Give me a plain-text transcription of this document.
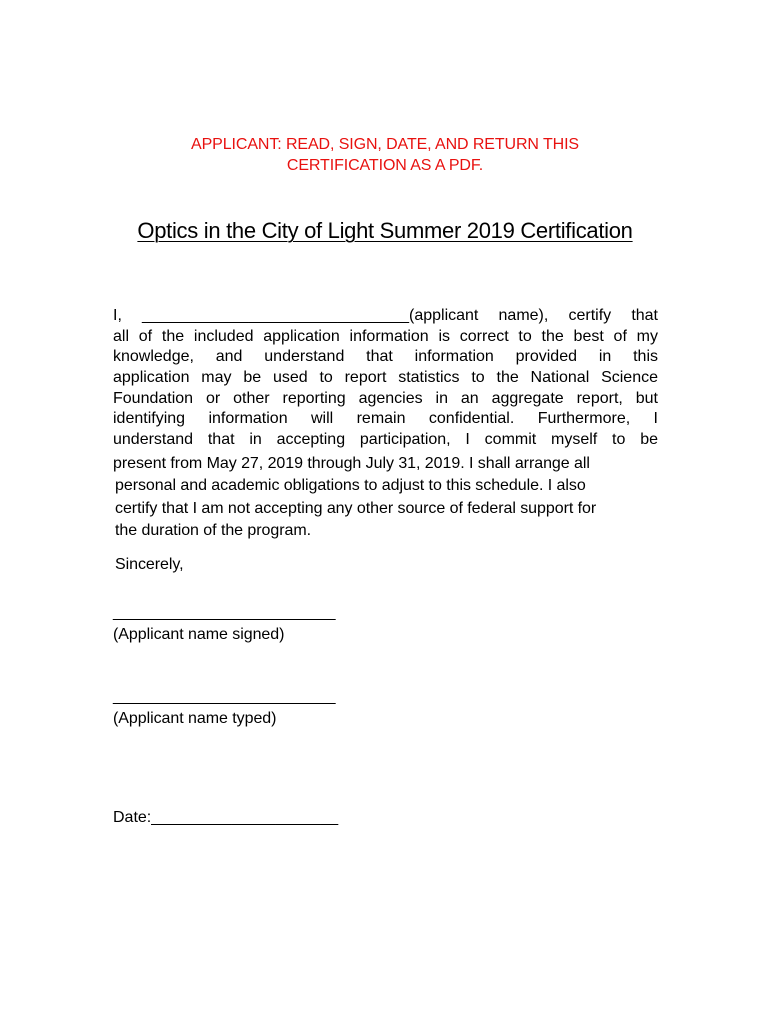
APPLICANT: READ, SIGN, DATE, AND RETURN THIS
CERTIFICATION AS A PDF.
Optics in the City of Light Summer 2019 Certification
I, ______________________________(applicant name), certify that
all of the included application information is correct to the best of my
knowledge, and understand that information provided in this
application may be used to report statistics to the National Science
Foundation or other reporting agencies in an aggregate report, but
identifying information will remain confidential. Furthermore, I
understand that in accepting participation, I commit myself to be
present from May 27, 2019 through July 31, 2019. I shall arrange all
personal and academic obligations to adjust to this schedule. I also
certify that I am not accepting any other source of federal support for
the duration of the program.
Sincerely,
_________________________
(Applicant name signed)
_________________________
(Applicant name typed)
Date:_____________________
